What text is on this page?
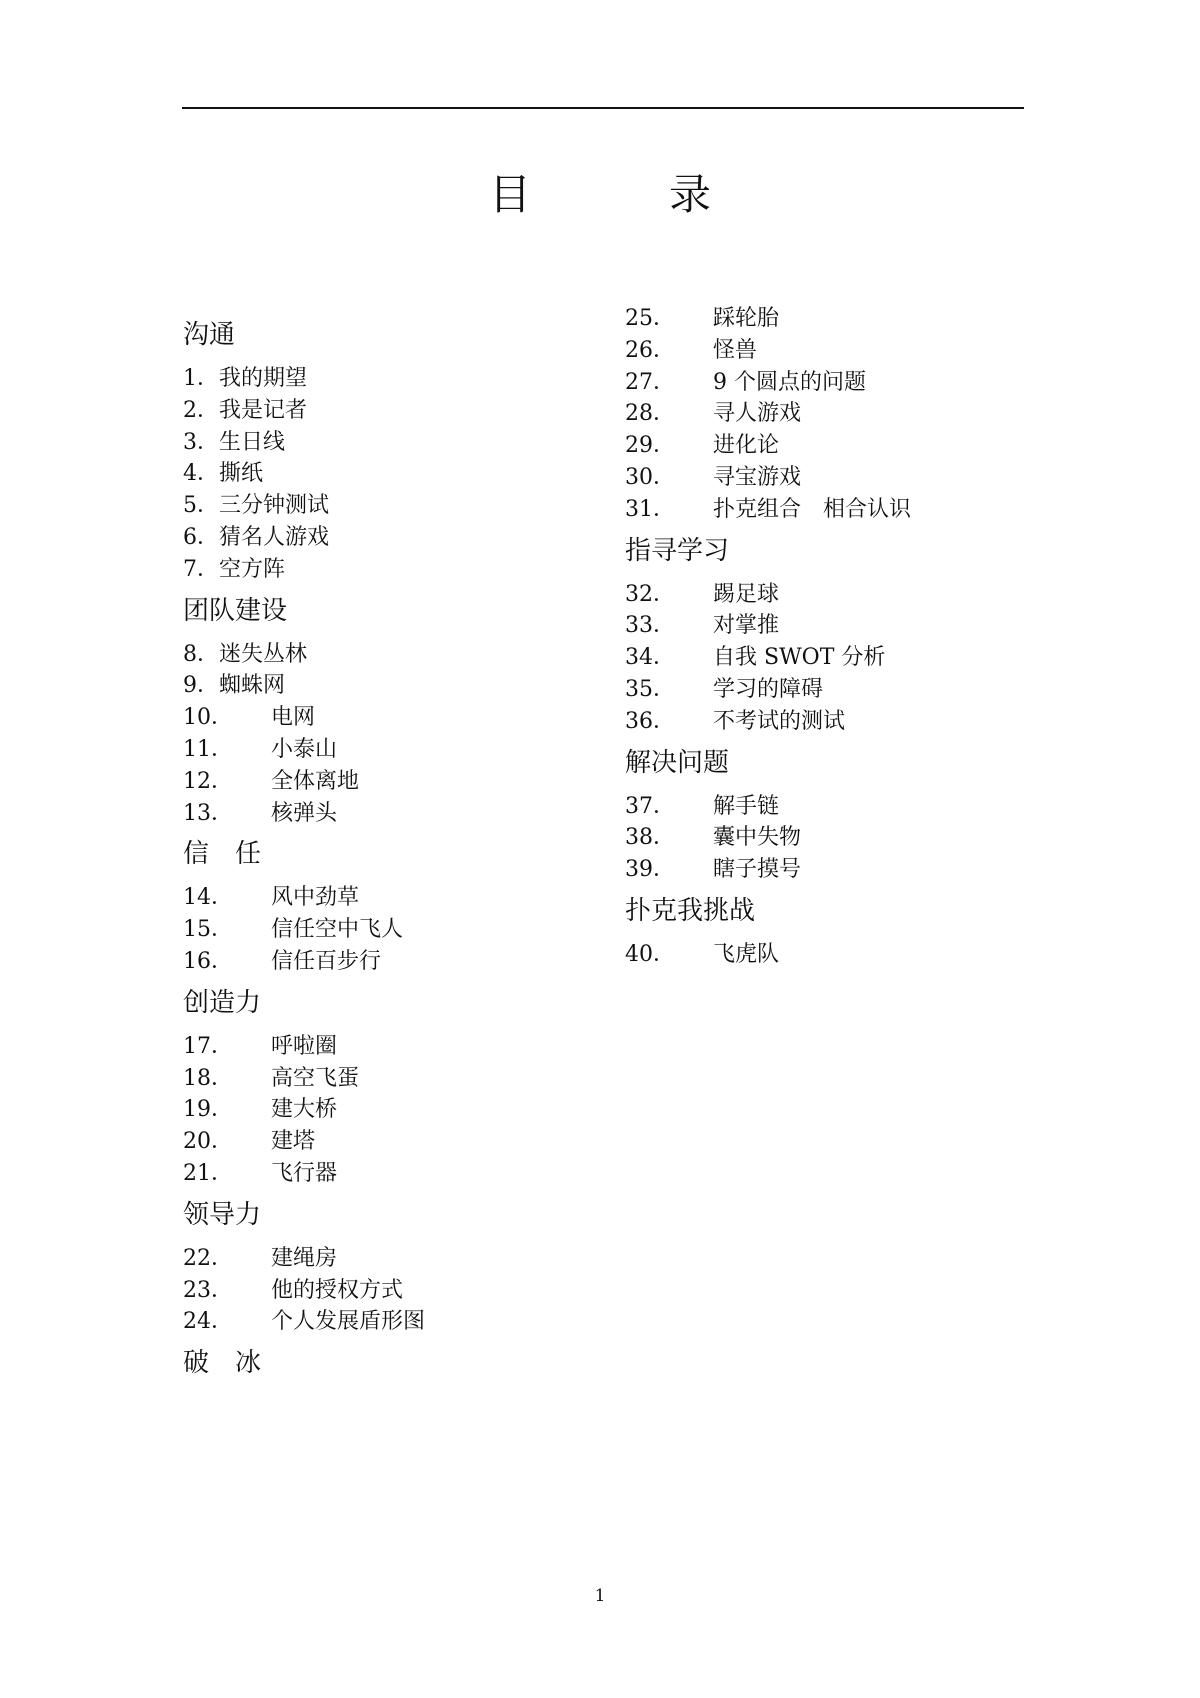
目　录
沟通
1． 我的期望
2． 我是记者
3． 生日线
4． 撕纸
5． 三分钟测试
6． 猜名人游戏
7． 空方阵
团队建设
8． 迷失丛林
9． 蜘蛛网
10．	电网
11．	小泰山
12．	全体离地
13．	核弹头
信　任
14．	风中劲草
15．	信任空中飞人
16．	信任百步行
创造力
17．	呼啦圈
18．	高空飞蛋
19．	建大桥
20．	建塔
21．	飞行器
领导力
22．	建绳房
23．	他的授权方式
24．	个人发展盾形图
破　冰
25．	踩轮胎
26．	怪兽
27．	9 个圆点的问题
28．	寻人游戏
29．	进化论
30．	寻宝游戏
31．	扑克组合　相合认识
指寻学习
32．	踢足球
33．	对掌推
34．	自我 SWOT 分析
35．	学习的障碍
36．	不考试的测试
解决问题
37．	解手链
38．	囊中失物
39．	瞎子摸号
扑克我挑战
40．	飞虎队
1
